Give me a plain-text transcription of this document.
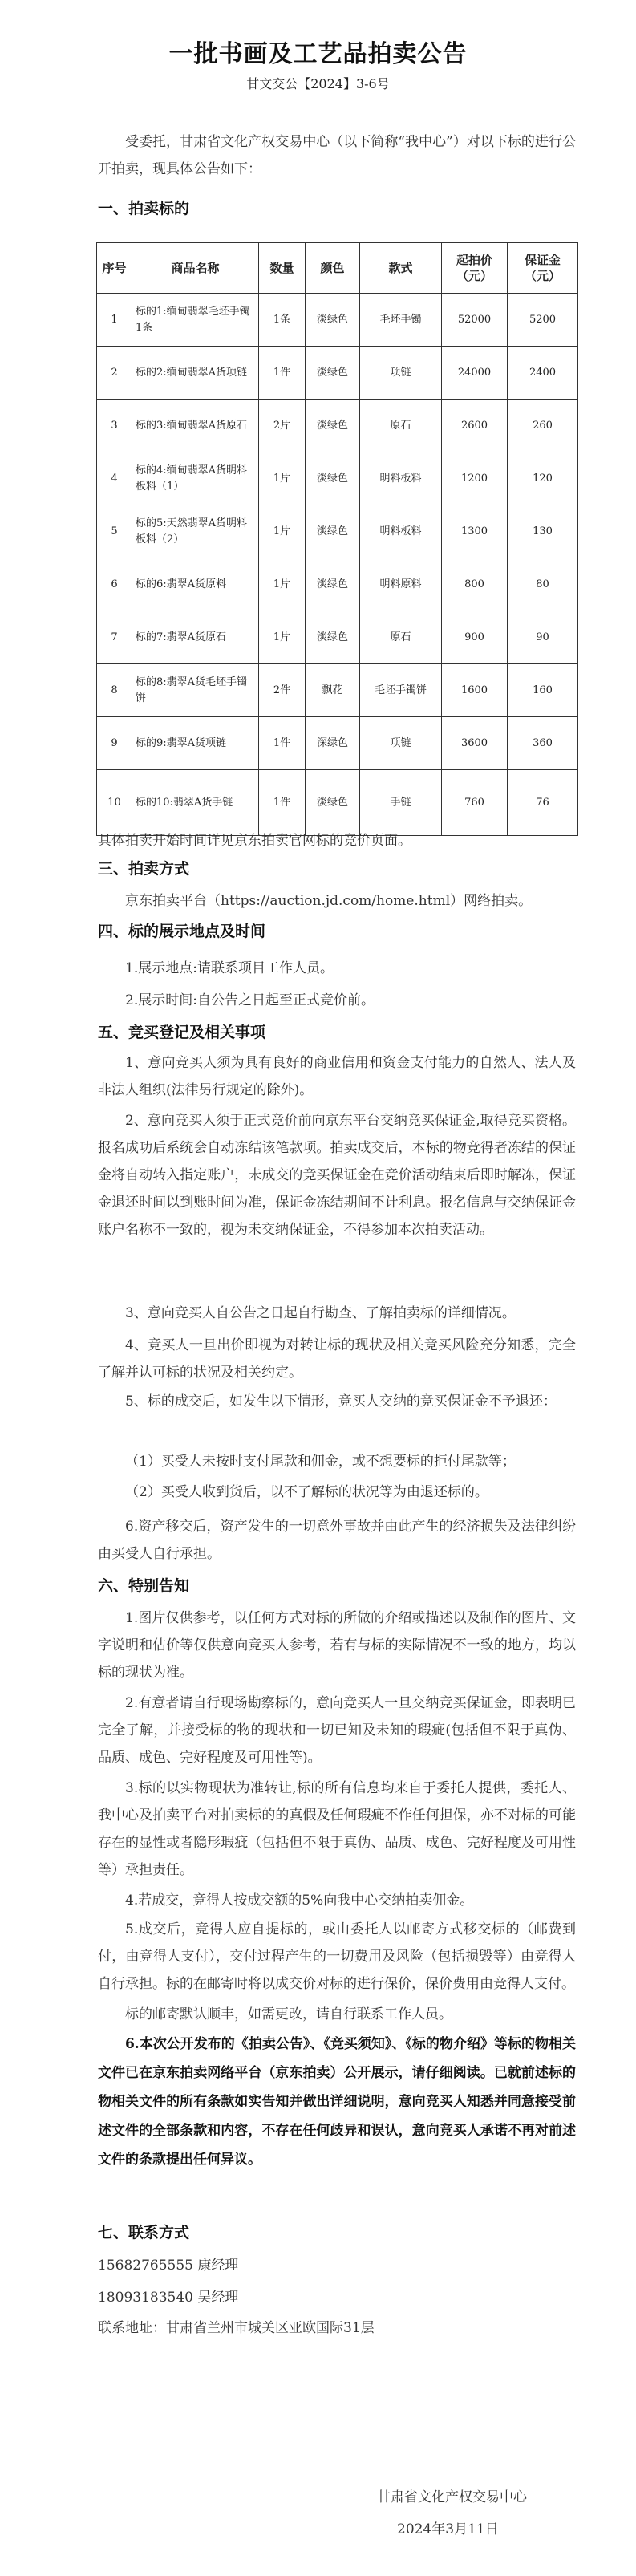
一批书画及工艺品拍卖公告
甘文交公【2024】3-6号
受委托，甘肃省文化产权交易中心（以下简称“我中心”）对以下标的进行公开拍卖，现具体公告如下：
一、拍卖标的
序号	商品名称	数量	颜色	款式	起拍价（元）	保证金（元）
1	标的1:缅甸翡翠毛坯手镯1条	1条	淡绿色	毛坯手镯	52000	5200
2	标的2:缅甸翡翠A货项链	1件	淡绿色	项链	24000	2400
3	标的3:缅甸翡翠A货原石	2片	淡绿色	原石	2600	260
4	标的4:缅甸翡翠A货明料板料（1）	1片	淡绿色	明料板料	1200	120
5	标的5:天然翡翠A货明料板料（2）	1片	淡绿色	明料板料	1300	130
6	标的6:翡翠A货原料	1片	淡绿色	明料原料	800	80
7	标的7:翡翠A货原石	1片	淡绿色	原石	900	90
8	标的8:翡翠A货毛坯手镯饼	2件	飘花	毛坯手镯饼	1600	160
9	标的9:翡翠A货项链	1件	深绿色	项链	3600	360
10	标的10:翡翠A货手链	1件	淡绿色	手链	760	76
具体拍卖开始时间详见京东拍卖官网标的竞价页面。
三、拍卖方式
京东拍卖平台（https://auction.jd.com/home.html）网络拍卖。
四、标的展示地点及时间
1.展示地点:请联系项目工作人员。
2.展示时间:自公告之日起至正式竞价前。
五、竞买登记及相关事项
1、意向竞买人须为具有良好的商业信用和资金支付能力的自然人、法人及非法人组织(法律另行规定的除外)。
2、意向竞买人须于正式竞价前向京东平台交纳竞买保证金,取得竞买资格。报名成功后系统会自动冻结该笔款项。拍卖成交后，本标的物竞得者冻结的保证金将自动转入指定账户，未成交的竞买保证金在竞价活动结束后即时解冻，保证金退还时间以到账时间为准，保证金冻结期间不计利息。报名信息与交纳保证金账户名称不一致的，视为未交纳保证金，不得参加本次拍卖活动。
3、意向竞买人自公告之日起自行勘查、了解拍卖标的详细情况。
4、竞买人一旦出价即视为对转让标的现状及相关竞买风险充分知悉，完全了解并认可标的状况及相关约定。
5、标的成交后，如发生以下情形，竞买人交纳的竞买保证金不予退还：
（1）买受人未按时支付尾款和佣金，或不想要标的拒付尾款等；
（2）买受人收到货后，以不了解标的状况等为由退还标的。
6.资产移交后，资产发生的一切意外事故并由此产生的经济损失及法律纠纷由买受人自行承担。
六、特别告知
1.图片仅供参考，以任何方式对标的所做的介绍或描述以及制作的图片、文字说明和估价等仅供意向竞买人参考，若有与标的实际情况不一致的地方，均以标的现状为准。
2.有意者请自行现场勘察标的，意向竞买人一旦交纳竞买保证金，即表明已完全了解，并接受标的物的现状和一切已知及未知的瑕疵(包括但不限于真伪、品质、成色、完好程度及可用性等)。
3.标的以实物现状为准转让,标的所有信息均来自于委托人提供，委托人、我中心及拍卖平台对拍卖标的的真假及任何瑕疵不作任何担保，亦不对标的可能存在的显性或者隐形瑕疵（包括但不限于真伪、品质、成色、完好程度及可用性等）承担责任。
4.若成交，竞得人按成交额的5%向我中心交纳拍卖佣金。
5.成交后，竞得人应自提标的，或由委托人以邮寄方式移交标的（邮费到付，由竞得人支付），交付过程产生的一切费用及风险（包括损毁等）由竞得人自行承担。标的在邮寄时将以成交价对标的进行保价，保价费用由竞得人支付。
标的邮寄默认顺丰，如需更改，请自行联系工作人员。
6.本次公开发布的《拍卖公告》、《竞买须知》、《标的物介绍》等标的物相关文件已在京东拍卖网络平台（京东拍卖）公开展示，请仔细阅读。已就前述标的物相关文件的所有条款如实告知并做出详细说明，意向竞买人知悉并同意接受前述文件的全部条款和内容，不存在任何歧异和误认，意向竞买人承诺不再对前述文件的条款提出任何异议。
七、联系方式
15682765555 康经理
18093183540 吴经理
联系地址：甘肃省兰州市城关区亚欧国际31层
甘肃省文化产权交易中心
2024年3月11日
